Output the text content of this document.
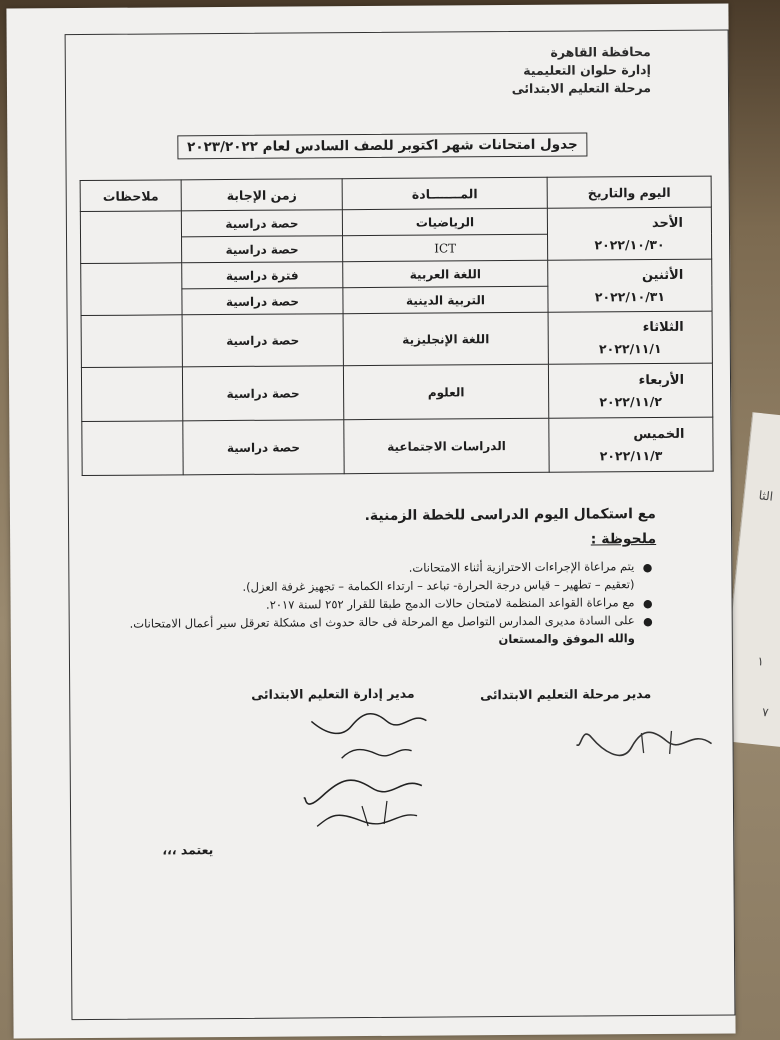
الثا
١
٧
محافظة القاهرة
إدارة حلوان التعليمية
مرحلة التعليم الابتدائى
جدول امتحانات شهر اكتوبر للصف السادس لعام ٢٠٢٣/٢٠٢٢
اليوم والتاريخ	المـــــــادة	زمن الإجابة	ملاحظات

الأحد
٢٠٢٢/١٠/٣٠	الرياضيات	حصة دراسية	
	ICT	حصة دراسية	

الأثنين
٢٠٢٢/١٠/٣١	اللغة العربية	فترة دراسية	
	التربية الدينية	حصة دراسية	

الثلاثاء
٢٠٢٢/١١/١	اللغة الإنجليزية	حصة دراسية	

الأربعاء
٢٠٢٢/١١/٢	العلوم	حصة دراسية	

الخميس
٢٠٢٢/١١/٣	الدراسات الاجتماعية	حصة دراسية	
مع استكمال اليوم الدراسى للخطة الزمنية.
ملحوظة :
●
يتم مراعاة الإجراءات الاحترازية أثناء الامتحانات.
(تعقيم – تطهير – قياس درجة الحرارة- تباعد – ارتداء الكمامة – تجهيز غرفة العزل).
●
مع مراعاة القواعد المنظمة لامتحان حالات الدمج طبقا للقرار ٢٥٢ لسنة ٢٠١٧.
●
على السادة مديرى المدارس التواصل مع المرحلة فى حالة حدوث اى مشكلة تعرقل سير أعمال الامتحانات.
والله الموفق والمستعان
مدير مرحلة التعليم الابتدائى
مدير إدارة التعليم الابتدائى
يعتمد ،،،
